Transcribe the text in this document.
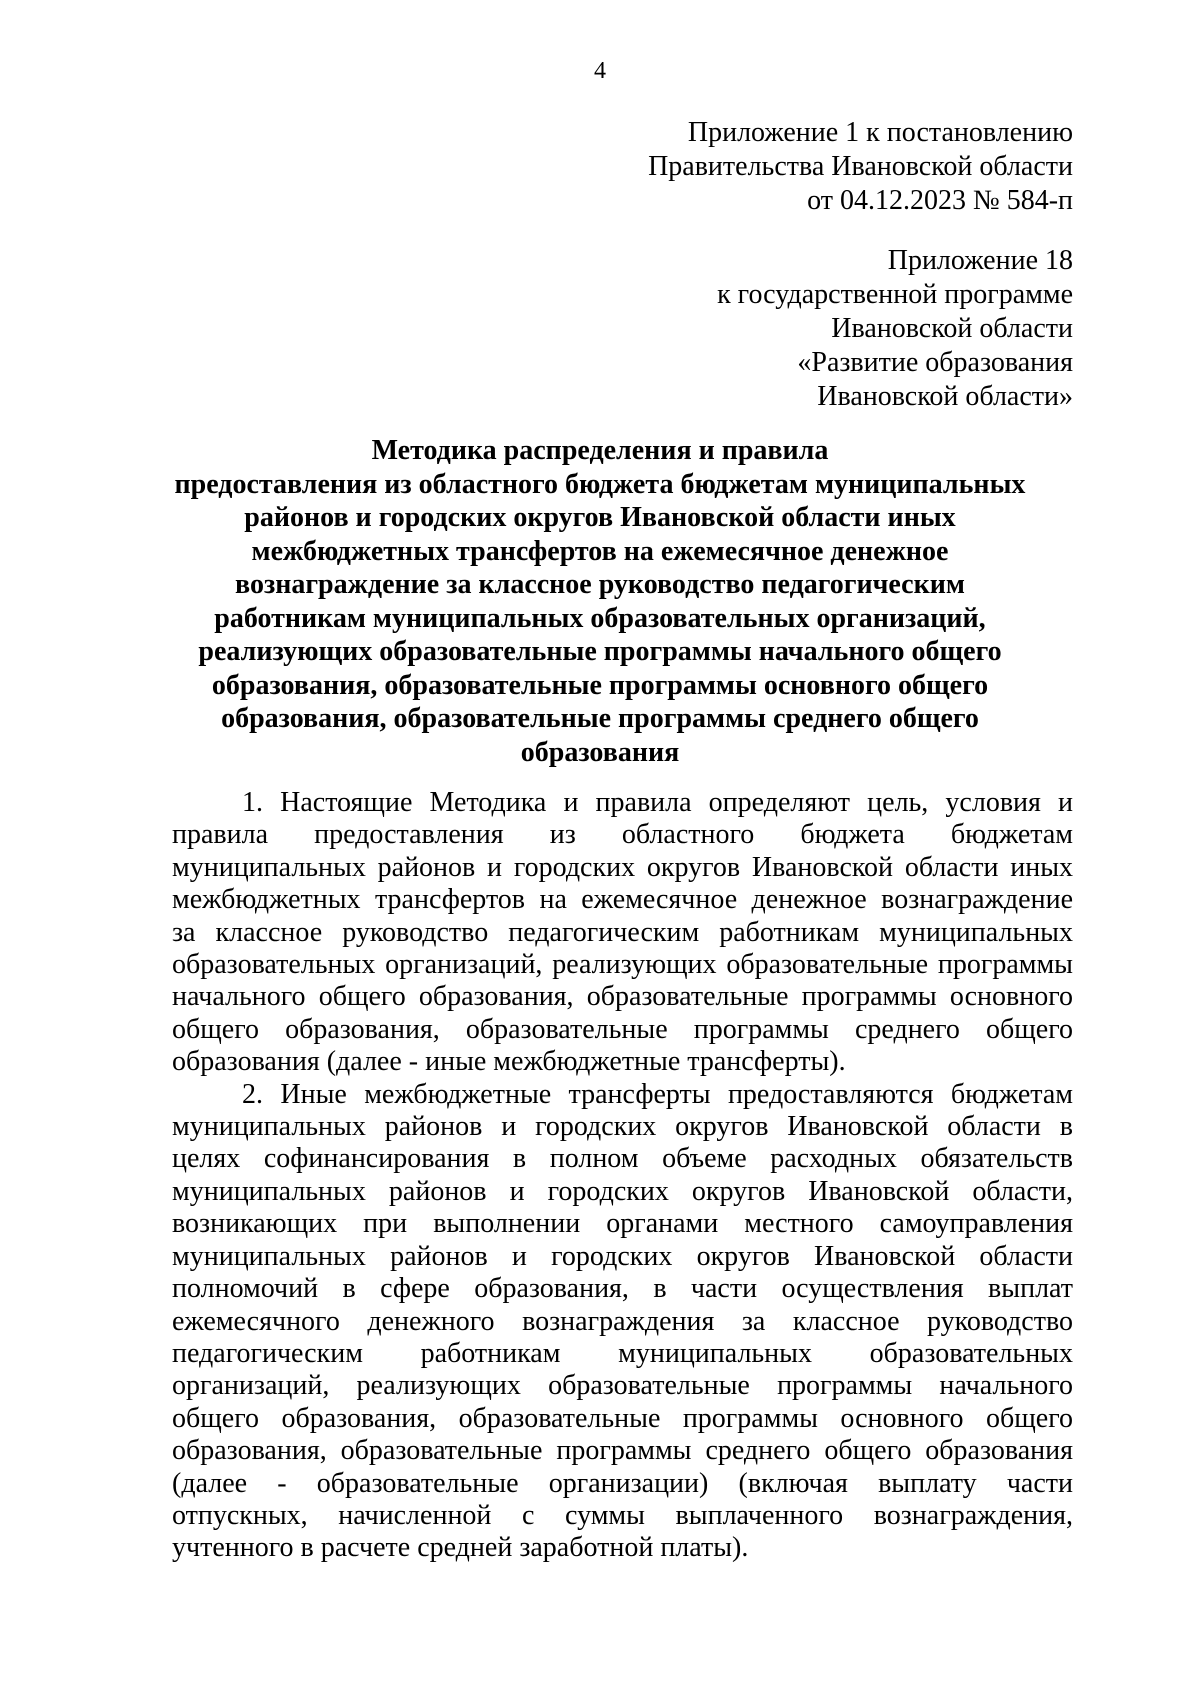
4
Приложение 1 к постановлению
Правительства Ивановской области
от 04.12.2023 № 584-п
Приложение 18
к государственной программе
Ивановской области
«Развитие образования
Ивановской области»
Методика распределения и правила
предоставления из областного бюджета бюджетам муниципальных
районов и городских округов Ивановской области иных
межбюджетных трансфертов на ежемесячное денежное
вознаграждение за классное руководство педагогическим
работникам муниципальных образовательных организаций,
реализующих образовательные программы начального общего
образования, образовательные программы основного общего
образования, образовательные программы среднего общего
образования
1. Настоящие Методика и правила определяют цель, условия и
правила предоставления из областного бюджета бюджетам
муниципальных районов и городских округов Ивановской области иных
межбюджетных трансфертов на ежемесячное денежное вознаграждение
за классное руководство педагогическим работникам муниципальных
образовательных организаций, реализующих образовательные программы
начального общего образования, образовательные программы основного
общего образования, образовательные программы среднего общего
образования (далее - иные межбюджетные трансферты).
2. Иные межбюджетные трансферты предоставляются бюджетам
муниципальных районов и городских округов Ивановской области в
целях софинансирования в полном объеме расходных обязательств
муниципальных районов и городских округов Ивановской области,
возникающих при выполнении органами местного самоуправления
муниципальных районов и городских округов Ивановской области
полномочий в сфере образования, в части осуществления выплат
ежемесячного денежного вознаграждения за классное руководство
педагогическим работникам муниципальных образовательных
организаций, реализующих образовательные программы начального
общего образования, образовательные программы основного общего
образования, образовательные программы среднего общего образования
(далее - образовательные организации) (включая выплату части
отпускных, начисленной с суммы выплаченного вознаграждения,
учтенного в расчете средней заработной платы).
